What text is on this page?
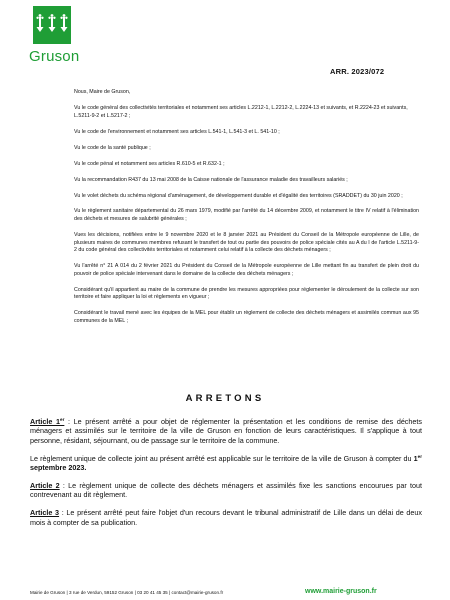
Gruson
ARR. 2023/072

Nous, Maire de Gruson,

Vu le code général des collectivités territoriales et notamment ses articles L.2212-1, L.2212-2, L.2224-13 et suivants, et R.2224-23 et suivants, L.5211-9-2 et L.5217-2 ;

Vu le code de l'environnement et notamment ses articles L.541-1, L.541-3 et L. 541-10 ;

Vu le code de la santé publique ;

Vu le code pénal et notamment ses articles R.610-5 et R.632-1 ;

Vu la recommandation R437 du 13 mai 2008 de la Caisse nationale de l'assurance maladie des travailleurs salariés ;

Vu le volet déchets du schéma régional d'aménagement, de développement durable et d'égalité des territoires (SRADDET) du 30 juin 2020 ;

Vu le règlement sanitaire départemental du 26 mars 1979, modifié par l'arrêté du 14 décembre 2009, et notamment le titre IV relatif à l'élimination des déchets et mesures de salubrité générales ;

Vues les décisions, notifiées entre le 9 novembre 2020 et le 8 janvier 2021 au Président du Conseil de la Métropole européenne de Lille, de plusieurs maires de communes membres refusant le transfert de tout ou partie des pouvoirs de police spéciale cités au A du I de l'article L.5211-9-2 du code général des collectivités territoriales et notamment celui relatif à la collecte des déchets ménagers ;

Vu l'arrêté n° 21 A 014 du 2 février 2021 du Président du Conseil de la Métropole européenne de Lille mettant fin au transfert de plein droit du pouvoir de police spéciale intervenant dans le domaine de la collecte des déchets ménagers ;

Considérant qu'il appartient au maire de la commune de prendre les mesures appropriées pour réglementer le déroulement de la collecte sur son territoire et faire appliquer la loi et règlements en vigueur ;

Considérant le travail mené avec les équipes de la MEL pour établir un règlement de collecte des déchets ménagers et assimilés commun aux 95 communes de la MEL ;

ARRETONS

Article 1er : Le présent arrêté a pour objet de réglementer la présentation et les conditions de remise des déchets ménagers et assimilés sur le territoire de la ville de Gruson en fonction de leurs caractéristiques. Il s'applique à tout personne, résidant, séjournant, ou de passage sur le territoire de la commune.

Le règlement unique de collecte joint au présent arrêté est applicable sur le territoire de la ville de Gruson à compter du 1er septembre 2023.

Article 2 : Le règlement unique de collecte des déchets ménagers et assimilés fixe les sanctions encourues par tout contrevenant au dit règlement.

Article 3 : Le présent arrêté peut faire l'objet d'un recours devant le tribunal administratif de Lille dans un délai de deux mois à compter de sa publication.

Mairie de Gruson | 3 rue de Verdun, 59152 Gruson | 03 20 41 45 35 | contact@mairie-gruson.fr	www.mairie-gruson.fr
